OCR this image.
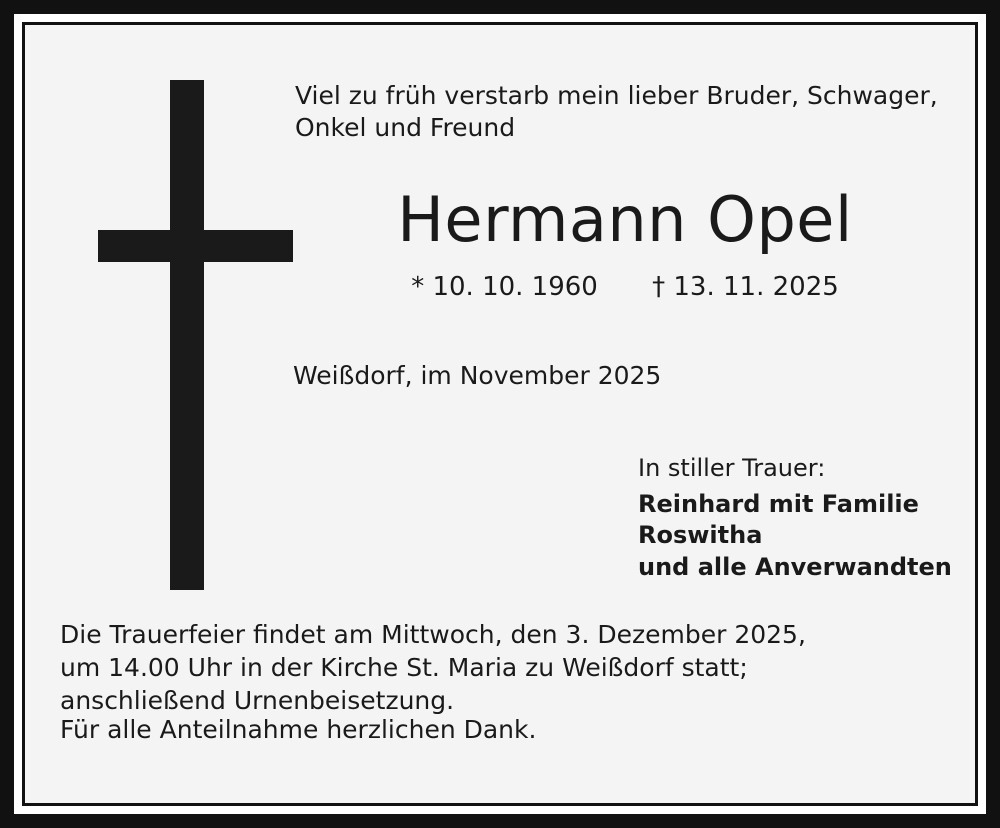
Viel zu früh verstarb mein lieber Bruder, Schwager,
Onkel und Freund
Hermann Opel
* 10. 10. 1960 † 13. 11. 2025
Weißdorf, im November 2025
In stiller Trauer:
Reinhard mit Familie
Roswitha
und alle Anverwandten
Die Trauerfeier findet am Mittwoch, den 3. Dezember 2025,
um 14.00 Uhr in der Kirche St. Maria zu Weißdorf statt;
anschließend Urnenbeisetzung.
Für alle Anteilnahme herzlichen Dank.
